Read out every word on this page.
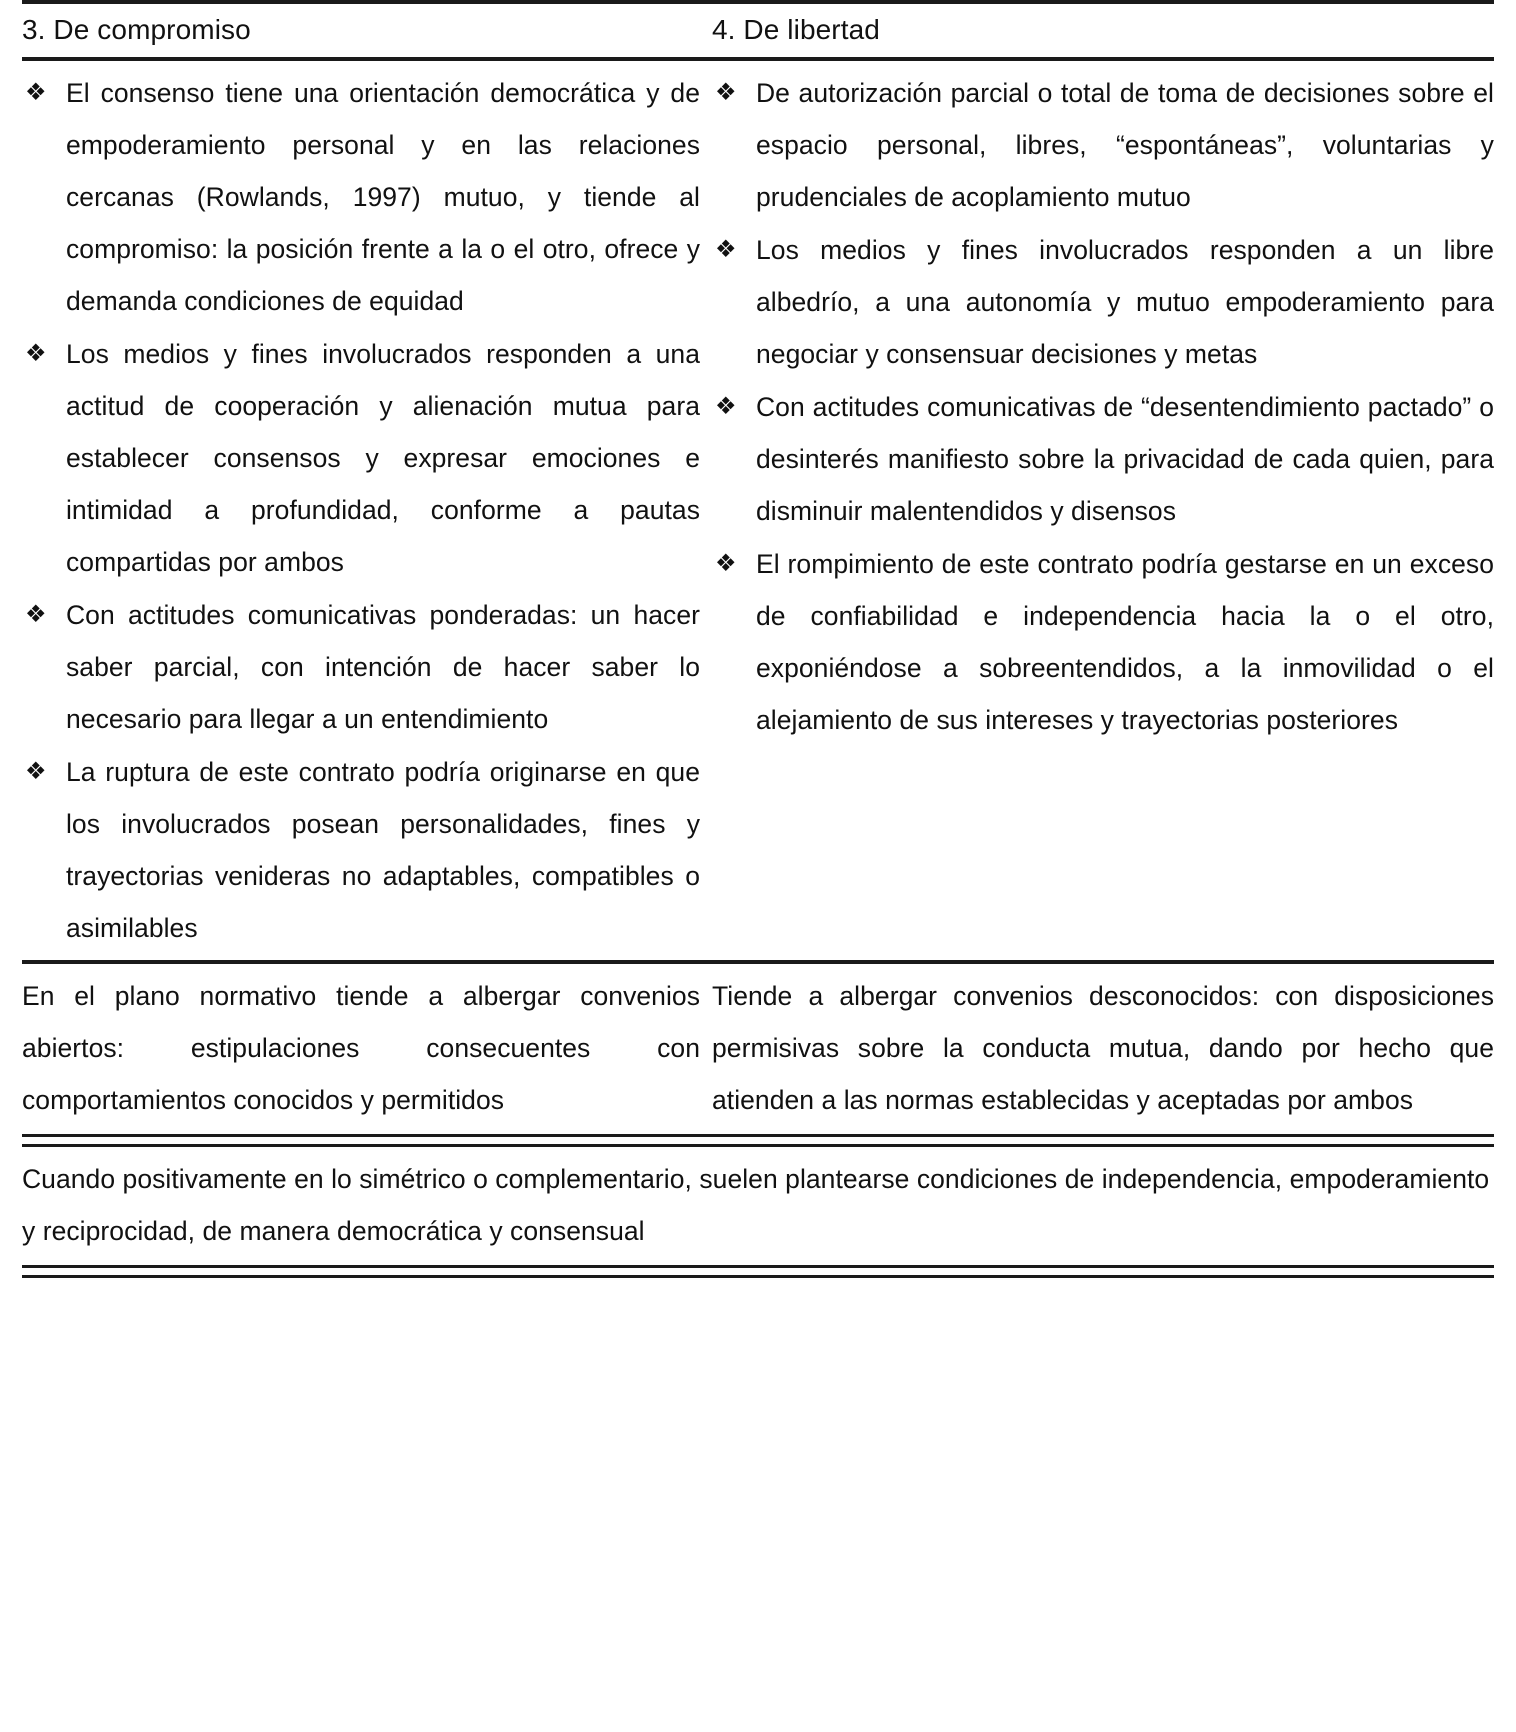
3. De compromiso	4. De libertad
❖ El consenso tiene una orientación democrática y de empoderamiento personal y en las relaciones cercanas (Rowlands, 1997) mutuo, y tiende al compromiso: la posición frente a la o el otro, ofrece y demanda condiciones de equidad
❖ Los medios y fines involucrados responden a una actitud de cooperación y alienación mutua para establecer consensos y expresar emociones e intimidad a profundidad, conforme a pautas compartidas por ambos
❖ Con actitudes comunicativas ponderadas: un hacer saber parcial, con intención de hacer saber lo necesario para llegar a un entendimiento
❖ La ruptura de este contrato podría originarse en que los involucrados posean personalidades, fines y trayectorias venideras no adaptables, compatibles o asimilables
❖ De autorización parcial o total de toma de decisiones sobre el espacio personal, libres, “espontáneas”, voluntarias y prudenciales de acoplamiento mutuo
❖ Los medios y fines involucrados responden a un libre albedrío, a una autonomía y mutuo empoderamiento para negociar y consensuar decisiones y metas
❖ Con actitudes comunicativas de “desentendimiento pactado” o desinterés manifiesto sobre la privacidad de cada quien, para disminuir malentendidos y disensos
❖ El rompimiento de este contrato podría gestarse en un exceso de confiabilidad e independencia hacia la o el otro, exponiéndose a sobreentendidos, a la inmovilidad o el alejamiento de sus intereses y trayectorias posteriores

En el plano normativo tiende a albergar convenios abiertos: estipulaciones consecuentes con comportamientos conocidos y permitidos

Tiende a albergar convenios desconocidos: con disposiciones permisivas sobre la conducta mutua, dando por hecho que atienden a las normas establecidas y aceptadas por ambos

Cuando positivamente en lo simétrico o complementario, suelen plantearse condiciones de independencia, empoderamiento y reciprocidad, de manera democrática y consensual
